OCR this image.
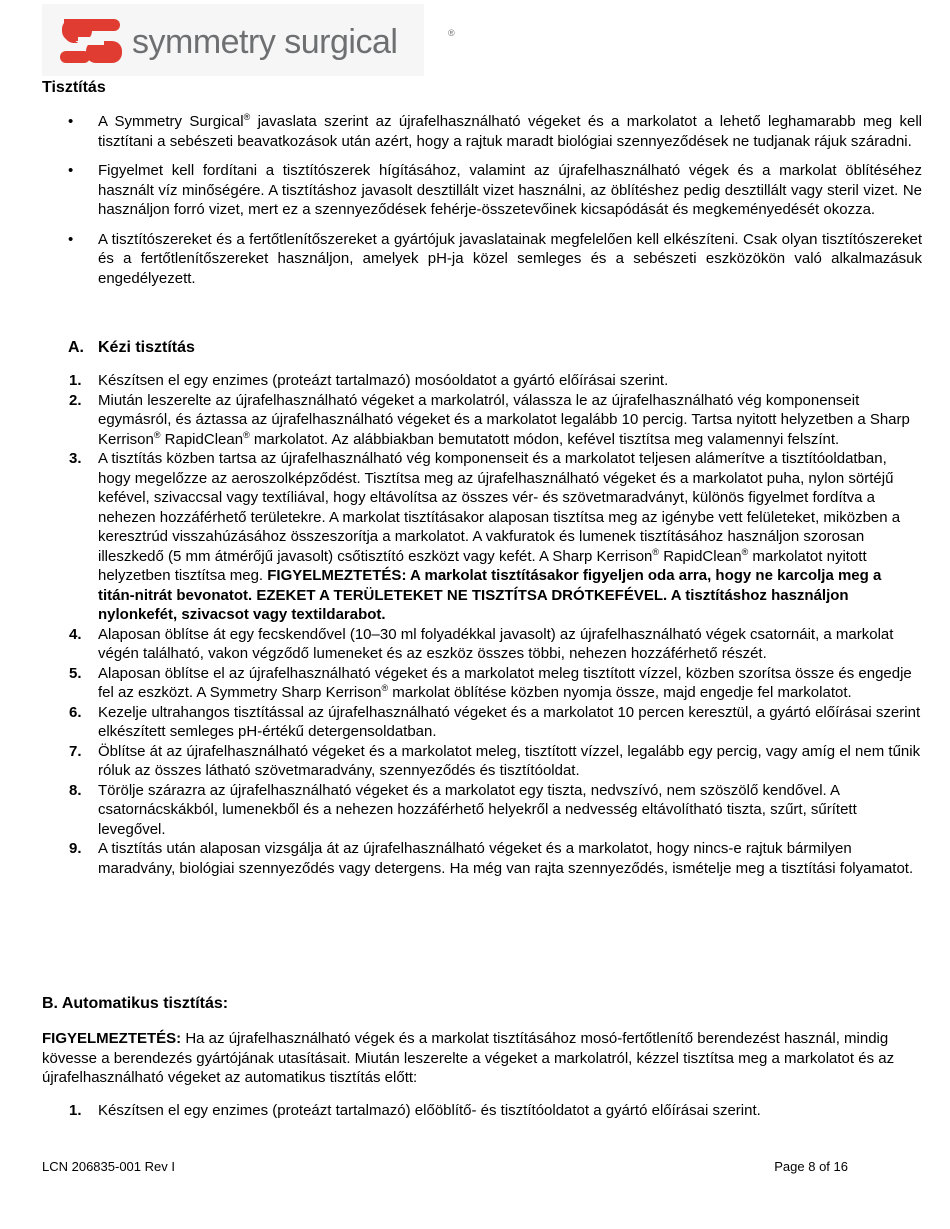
symmetry surgical	®
Tisztítás
• A Symmetry Surgical® javaslata szerint az újrafelhasználható végeket és a markolatot a lehető leghamarabb meg kell tisztítani a sebészeti beavatkozások után azért, hogy a rajtuk maradt biológiai szennyeződések ne tudjanak rájuk száradni.
• Figyelmet kell fordítani a tisztítószerek hígításához, valamint az újrafelhasználható végek és a markolat öblítéséhez használt víz minőségére. A tisztításhoz javasolt desztillált vizet használni, az öblítéshez pedig desztillált vagy steril vizet. Ne használjon forró vizet, mert ez a szennyeződések fehérje-összetevőinek kicsapódását és megkeményedését okozza.
• A tisztítószereket és a fertőtlenítőszereket a gyártójuk javaslatainak megfelelően kell elkészíteni. Csak olyan tisztítószereket és a fertőtlenítőszereket használjon, amelyek pH-ja közel semleges és a sebészeti eszközökön való alkalmazásuk engedélyezett.
A. Kézi tisztítás
1. Készítsen el egy enzimes (proteázt tartalmazó) mosóoldatot a gyártó előírásai szerint.
2. Miután leszerelte az újrafelhasználható végeket a markolatról, válassza le az újrafelhasználható vég komponenseit egymásról, és áztassa az újrafelhasználható végeket és a markolatot legalább 10 percig. Tartsa nyitott helyzetben a Sharp Kerrison® RapidClean® markolatot. Az alábbiakban bemutatott módon, kefével tisztítsa meg valamennyi felszínt.
3. A tisztítás közben tartsa az újrafelhasználható vég komponenseit és a markolatot teljesen alámerítve a tisztítóoldatban, hogy megelőzze az aeroszolképződést. Tisztítsa meg az újrafelhasználható végeket és a markolatot puha, nylon sörtéjű kefével, szivaccsal vagy textíliával, hogy eltávolítsa az összes vér- és szövetmaradványt, különös figyelmet fordítva a nehezen hozzáférhető területekre. A markolat tisztításakor alaposan tisztítsa meg az igénybe vett felületeket, miközben a keresztrúd visszahúzásához összeszorítja a markolatot. A vakfuratok és lumenek tisztításához használjon szorosan illeszkedő (5 mm átmérőjű javasolt) csőtisztító eszközt vagy kefét. A Sharp Kerrison® RapidClean® markolatot nyitott helyzetben tisztítsa meg. FIGYELMEZTETÉS: A markolat tisztításakor figyeljen oda arra, hogy ne karcolja meg a titán-nitrát bevonatot. EZEKET A TERÜLETEKET NE TISZTÍTSA DRÓTKEFÉVEL. A tisztításhoz használjon nylonkefét, szivacsot vagy textildarabot.
4. Alaposan öblítse át egy fecskendővel (10–30 ml folyadékkal javasolt) az újrafelhasználható végek csatornáit, a markolat végén található, vakon végződő lumeneket és az eszköz összes többi, nehezen hozzáférhető részét.
5. Alaposan öblítse el az újrafelhasználható végeket és a markolatot meleg tisztított vízzel, közben szorítsa össze és engedje fel az eszközt. A Symmetry Sharp Kerrison® markolat öblítése közben nyomja össze, majd engedje fel markolatot.
6. Kezelje ultrahangos tisztítással az újrafelhasználható végeket és a markolatot 10 percen keresztül, a gyártó előírásai szerint elkészített semleges pH-értékű detergensoldatban.
7. Öblítse át az újrafelhasználható végeket és a markolatot meleg, tisztított vízzel, legalább egy percig, vagy amíg el nem tűnik róluk az összes látható szövetmaradvány, szennyeződés és tisztítóoldat.
8. Törölje szárazra az újrafelhasználható végeket és a markolatot egy tiszta, nedvszívó, nem szöszölő kendővel. A csatornácskákból, lumenekből és a nehezen hozzáférhető helyekről a nedvesség eltávolítható tiszta, szűrt, sűrített levegővel.
9. A tisztítás után alaposan vizsgálja át az újrafelhasználható végeket és a markolatot, hogy nincs-e rajtuk bármilyen maradvány, biológiai szennyeződés vagy detergens. Ha még van rajta szennyeződés, ismételje meg a tisztítási folyamatot.
B. Automatikus tisztítás:

FIGYELMEZTETÉS: Ha az újrafelhasználható végek és a markolat tisztításához mosó-fertőtlenítő berendezést használ, mindig kövesse a berendezés gyártójának utasításait. Miután leszerelte a végeket a markolatról, kézzel tisztítsa meg a markolatot és az újrafelhasználható végeket az automatikus tisztítás előtt:

1. Készítsen el egy enzimes (proteázt tartalmazó) előöblítő- és tisztítóoldatot a gyártó előírásai szerint.
LCN 206835-001 Rev I	Page 8 of 16
